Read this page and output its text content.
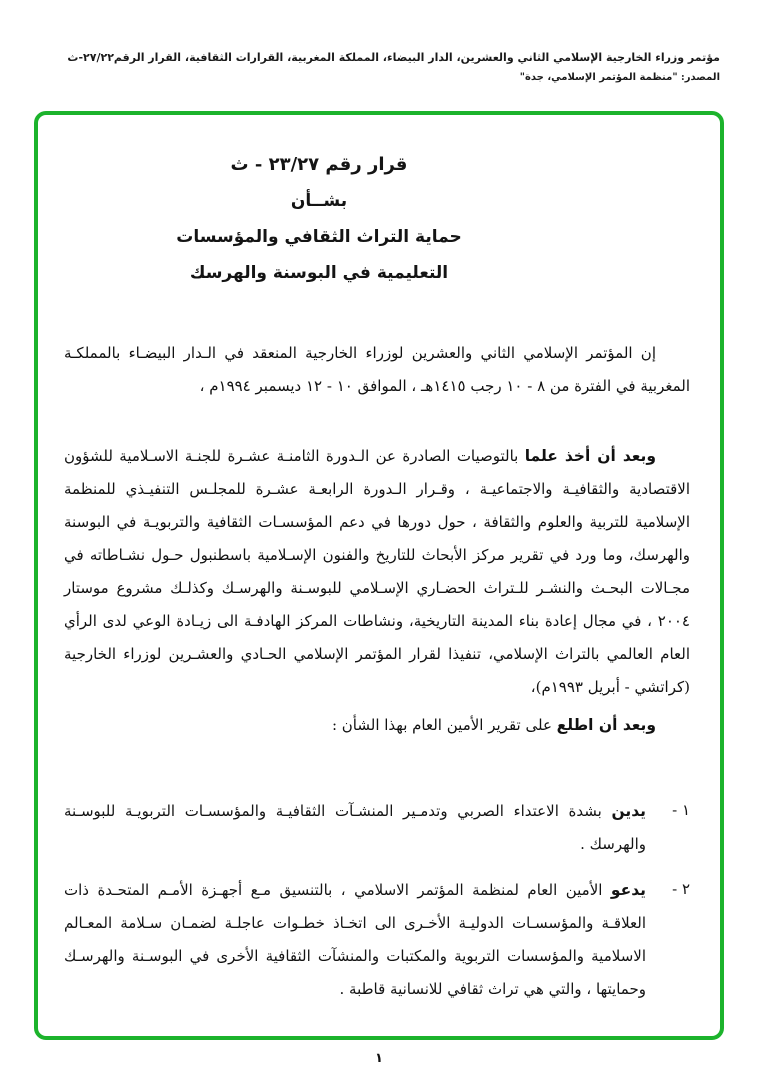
مؤتمر وزراء الخارجية الإسلامي الثاني والعشرين، الدار البيضاء، المملكة المغربية، القرارات الثقافية، القرار الرقم٢٧/٢٢-ث
المصدر: "منظمة المؤتمر الإسلامي، جدة"
قرار رقم ٢٣/٢٧ - ث
بشــأن
حماية التراث الثقافي والمؤسسات
التعليمية في البوسنة والهرسك

إن المؤتمر الإسلامي الثاني والعشرين لوزراء الخارجية المنعقد في الـدار البيضـاء بالمملكـة المغربية في الفترة من ٨ - ١٠ رجب ١٤١٥هـ ، الموافق ١٠ - ١٢ ديسمبر ١٩٩٤م ،

وبعد أن أخذ علما بالتوصيات الصادرة عن الـدورة الثامنـة عشـرة للجنـة الاسـلامية للشؤون الاقتصادية والثقافيـة والاجتماعيـة ، وقـرار الـدورة الرابعـة عشـرة للمجلـس التنفيـذي للمنظمة الإسلامية للتربية والعلوم والثقافة ، حول دورها في دعم المؤسسـات الثقافية والتربويـة في البوسنة والهرسك، وما ورد في تقرير مركز الأبحاث للتاريخ والفنون الإسـلامية باسطنبول حـول نشـاطاته في مجـالات البحـث والنشـر للـتراث الحضـاري الإسـلامي للبوسـنة والهرسـك وكذلـك مشروع موستار ٢٠٠٤ ، في مجال إعادة بناء المدينة التاريخية، ونشاطات المركز الهادفـة الى زيـادة الوعي لدى الرأي العام العالمي بالتراث الإسلامي، تنفيذا لقرار المؤتمر الإسلامي الحـادي والعشـرين لوزراء الخارجية (كراتشي - أبريل ١٩٩٣م)،

وبعد أن اطلع على تقرير الأمين العام بهذا الشأن :

١ -
يدين بشدة الاعتداء الصربي وتدمـير المنشـآت الثقافيـة والمؤسسـات التربويـة للبوسـنة والهرسك .
٢ -
يدعو الأمين العام لمنظمة المؤتمر الاسلامي ، بالتنسيق مـع أجهـزة الأمـم المتحـدة ذات العلاقـة والمؤسسـات الدوليـة الأخـرى الى اتخـاذ خطـوات عاجلـة لضمـان سـلامة المعـالم الاسلامية والمؤسسات التربوية والمكتبات والمنشآت الثقافية الأخرى في البوسـنة والهرسـك وحمايتها ، والتي هي تراث ثقافي للانسانية قاطبة .
١
